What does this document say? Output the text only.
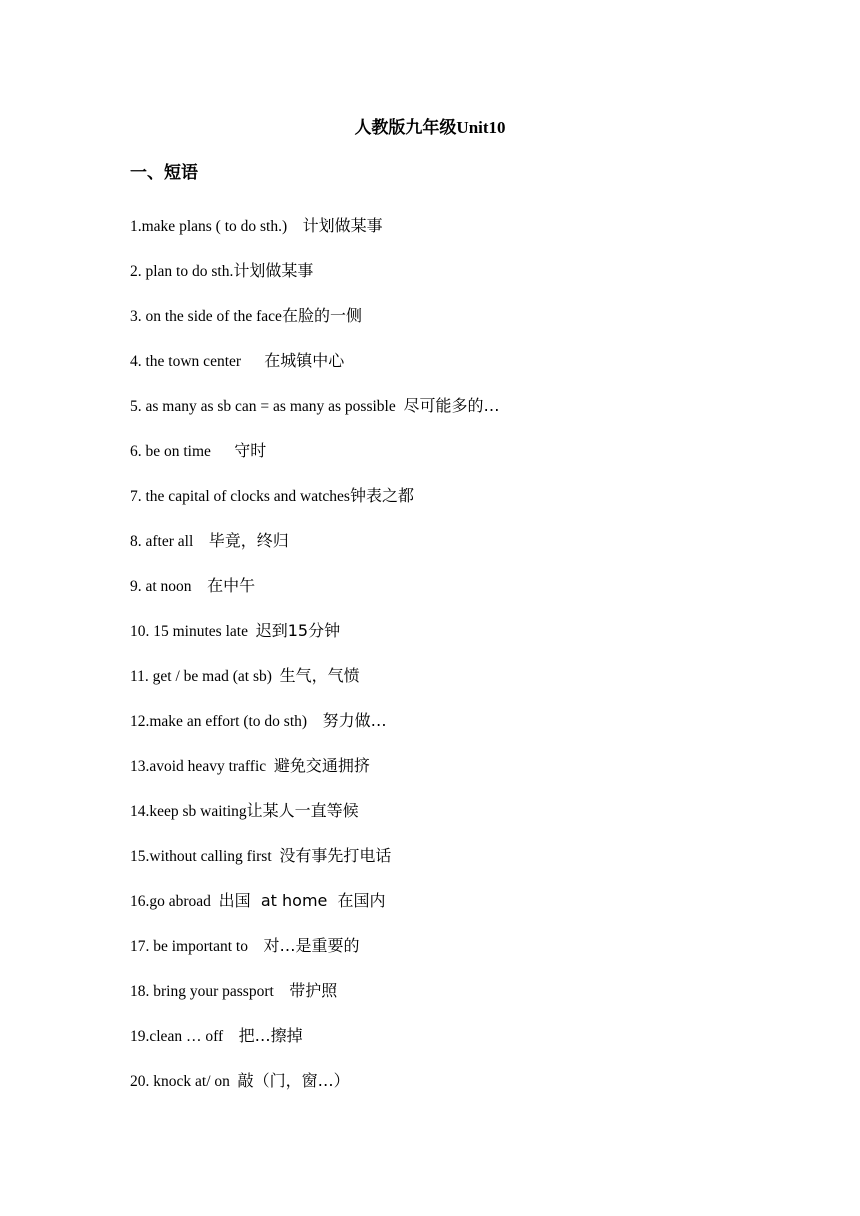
人教版九年级Unit10
一、短语
1.make plans ( to do sth.) 计划做某事
2. plan to do sth.计划做某事
3. on the side of the face在脸的一侧
4. the town center 在城镇中心
5. as many as sb can = as many as possible 尽可能多的…
6. be on time 守时
7. the capital of clocks and watches钟表之都
8. after all 毕竟，终归
9. at noon 在中午
10. 15 minutes late 迟到15分钟
11. get / be mad (at sb) 生气，气愤
12.make an effort (to do sth) 努力做…
13.avoid heavy traffic 避免交通拥挤
14.keep sb waiting让某人一直等候
15.without calling first 没有事先打电话
16.go abroad 出国  at home  在国内
17. be important to 对…是重要的
18. bring your passport 带护照
19.clean … off 把…擦掉
20. knock at/ on 敲（门，窗…）
